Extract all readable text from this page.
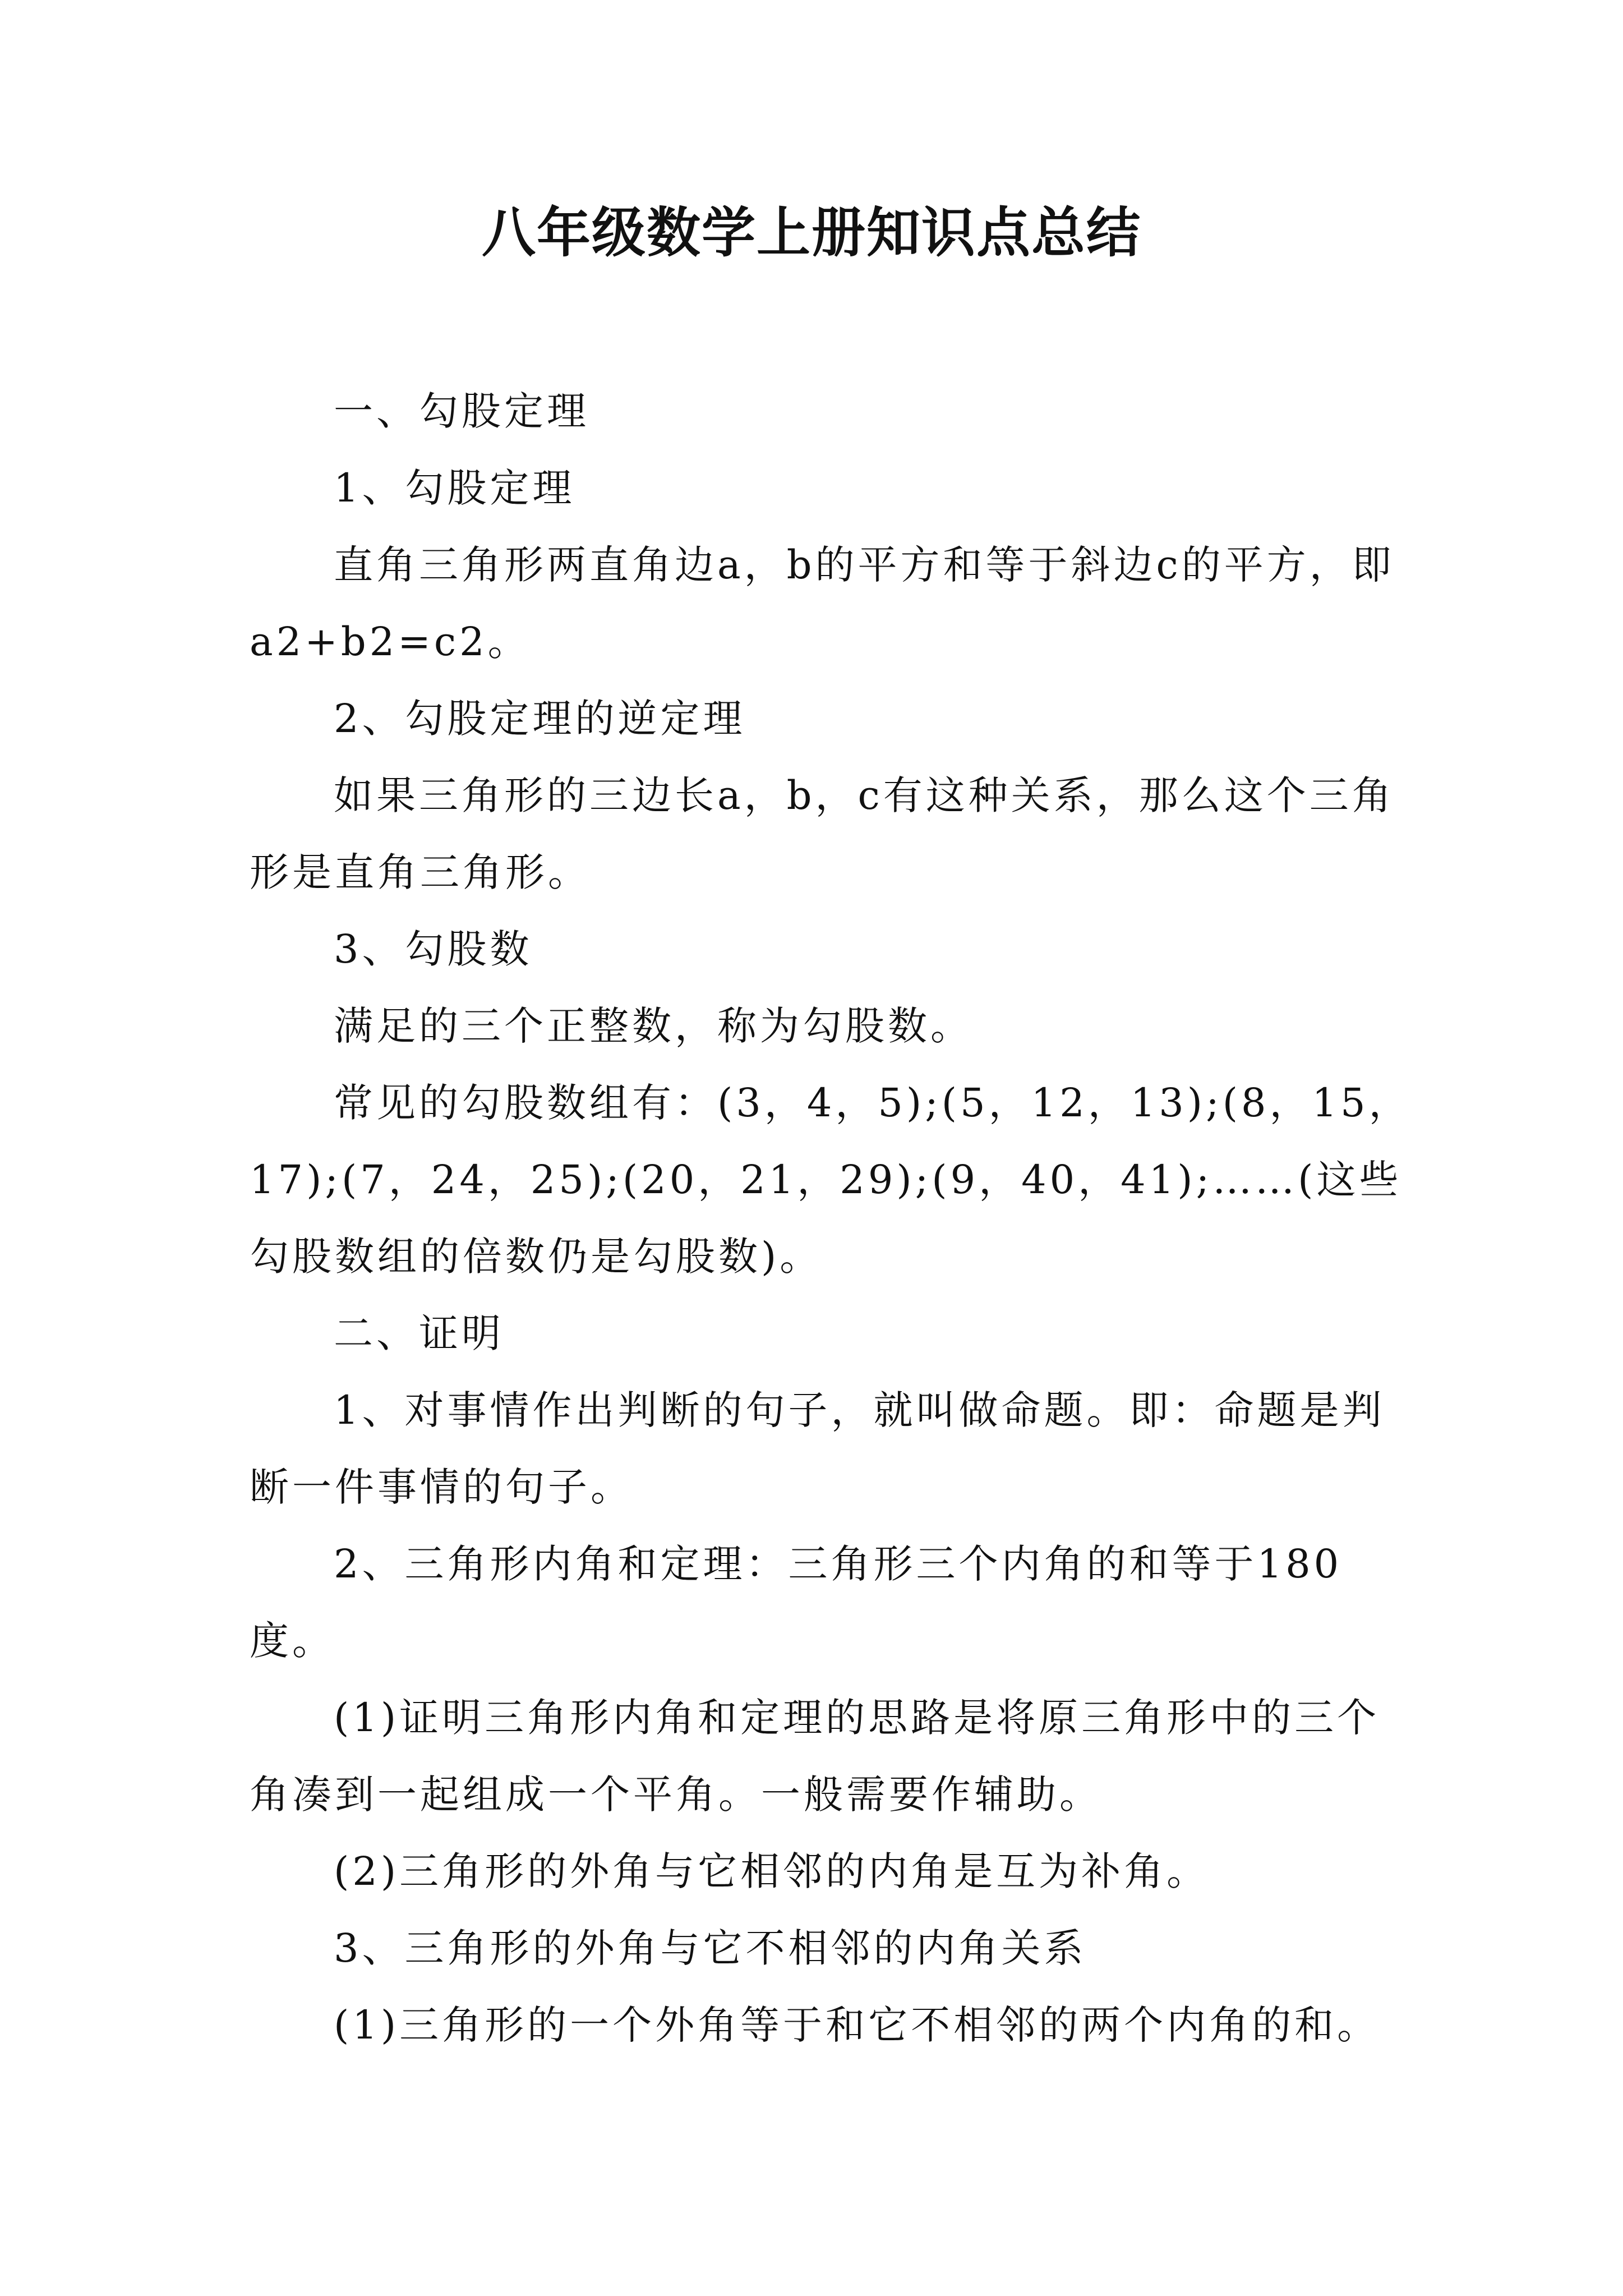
八年级数学上册知识点总结

一、勾股定理

1、勾股定理

直角三角形两直角边a，b的平方和等于斜边c的平方，即a2+b2=c2。

2、勾股定理的逆定理

如果三角形的三边长a，b，c有这种关系，那么这个三角形是直角三角形。

3、勾股数

满足的三个正整数，称为勾股数。

常见的勾股数组有：(3，4，5);(5，12，13);(8，15，17);(7，24，25);(20，21，29);(9，40，41);……(这些勾股数组的倍数仍是勾股数)。

二、证明

1、对事情作出判断的句子，就叫做命题。即：命题是判断一件事情的句子。

2、三角形内角和定理：三角形三个内角的和等于180度。

(1)证明三角形内角和定理的思路是将原三角形中的三个角凑到一起组成一个平角。一般需要作辅助。

(2)三角形的外角与它相邻的内角是互为补角。

3、三角形的外角与它不相邻的内角关系

(1)三角形的一个外角等于和它不相邻的两个内角的和。
